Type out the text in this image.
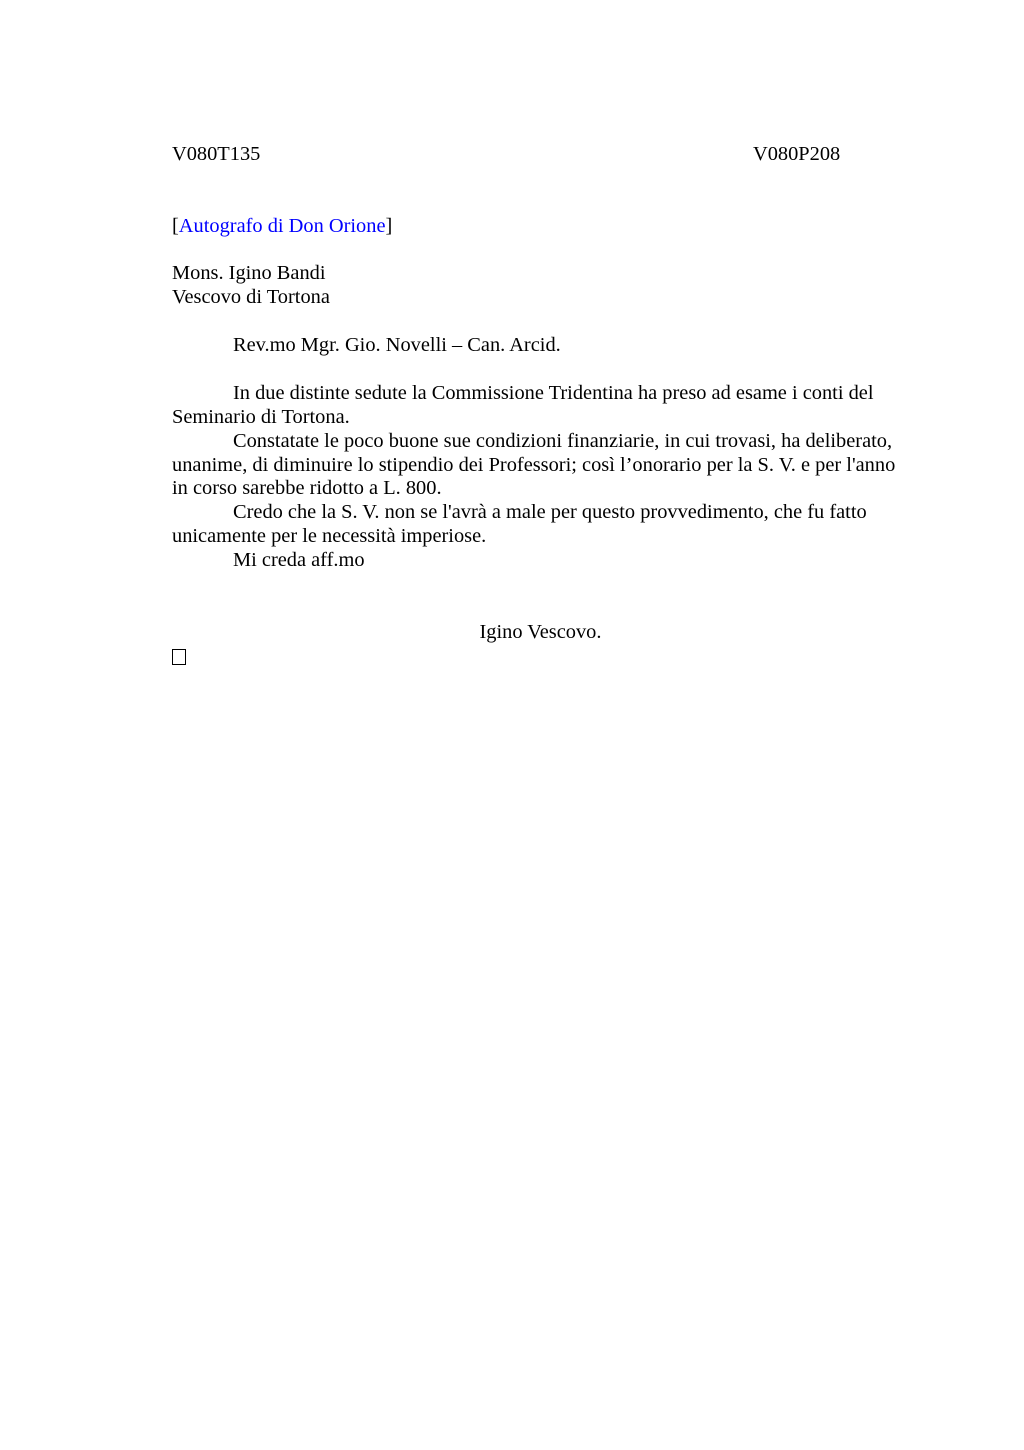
V080T135	V080P208
[Autografo di Don Orione]
Mons. Igino Bandi
Vescovo di Tortona
Rev.mo Mgr. Gio. Novelli – Can. Arcid.
In due distinte sedute la Commissione Tridentina ha preso ad esame i conti del
Seminario di Tortona.
Constatate le poco buone sue condizioni finanziarie, in cui trovasi, ha deliberato,
unanime, di diminuire lo stipendio dei Professori; così l’onorario per la S. V. e per l'anno
in corso sarebbe ridotto a L. 800.
Credo che la S. V. non se l'avrà a male per questo provvedimento, che fu fatto
unicamente per le necessità imperiose.
Mi creda aff.mo
Igino Vescovo.
